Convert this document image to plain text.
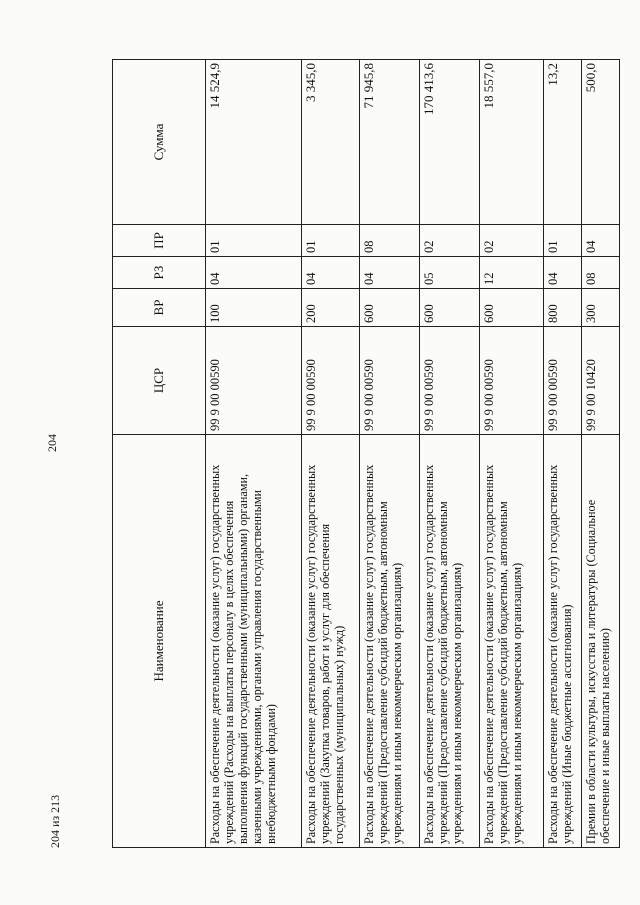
204
Наименование	ЦСР	ВР	РЗ	ПР	Сумма
Расходы на обеспечение деятельности (оказание услуг) государственных учреждений (Расходы на выплаты персоналу в целях обеспечения выполнения функций государственными (муниципальными) органами, казенными учреждениями, органами управления государственными внебюджетными фондами)	99 9 00 00590	100	04	01	14 524,9
Расходы на обеспечение деятельности (оказание услуг) государственных учреждений (Закупка товаров, работ и услуг для обеспечения государственных (муниципальных) нужд)	99 9 00 00590	200	04	01	3 345,0
Расходы на обеспечение деятельности (оказание услуг) государственных учреждений (Предоставление субсидий бюджетным, автономным учреждениям и иным некоммерческим организациям)	99 9 00 00590	600	04	08	71 945,8
Расходы на обеспечение деятельности (оказание услуг) государственных учреждений (Предоставление субсидий бюджетным, автономным учреждениям и иным некоммерческим организациям)	99 9 00 00590	600	05	02	170 413,6
Расходы на обеспечение деятельности (оказание услуг) государственных учреждений (Предоставление субсидий бюджетным, автономным учреждениям и иным некоммерческим организациям)	99 9 00 00590	600	12	02	18 557,0
Расходы на обеспечение деятельности (оказание услуг) государственных учреждений (Иные бюджетные ассигнования)	99 9 00 00590	800	04	01	13,2
Премии в области культуры, искусства и литературы (Социальное обеспечение и иные выплаты населению)	99 9 00 10420	300	08	04	500,0
204 из 213
